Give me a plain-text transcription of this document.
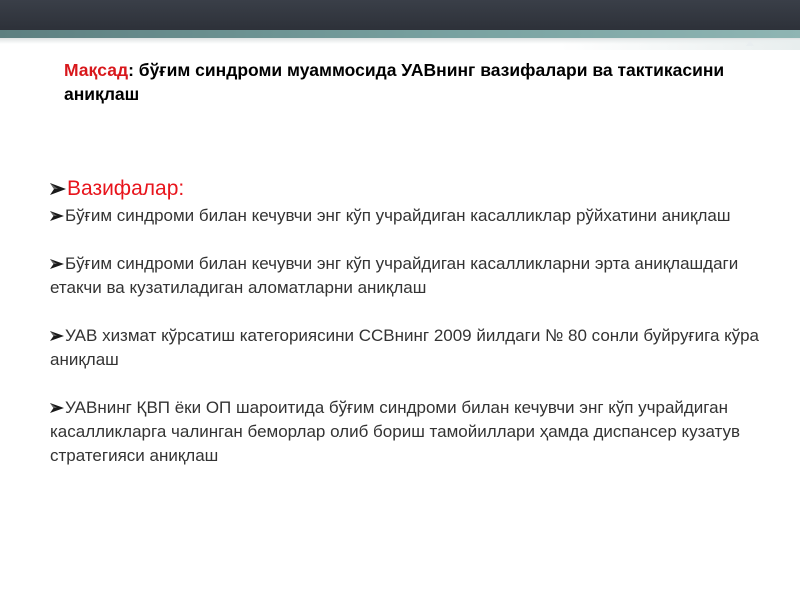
Мақсад: бўғим синдроми муаммосида УАВнинг вазифалари ва тактикасини аниқлаш
Вазифалар:
Бўғим синдроми билан кечувчи энг кўп учрайдиган касалликлар рўйхатини аниқлаш
Бўғим синдроми билан кечувчи энг кўп учрайдиган касалликларни эрта аниқлашдаги етакчи ва кузатиладиган аломатларни аниқлаш
УАВ хизмат кўрсатиш категориясини ССВнинг 2009 йилдаги № 80 сонли буйруғига кўра аниқлаш
УАВнинг ҚВП ёки ОП шароитида бўғим синдроми билан кечувчи энг кўп учрайдиган касалликларга чалинган беморлар олиб бориш тамойиллари ҳамда диспансер кузатув стратегияси аниқлаш
